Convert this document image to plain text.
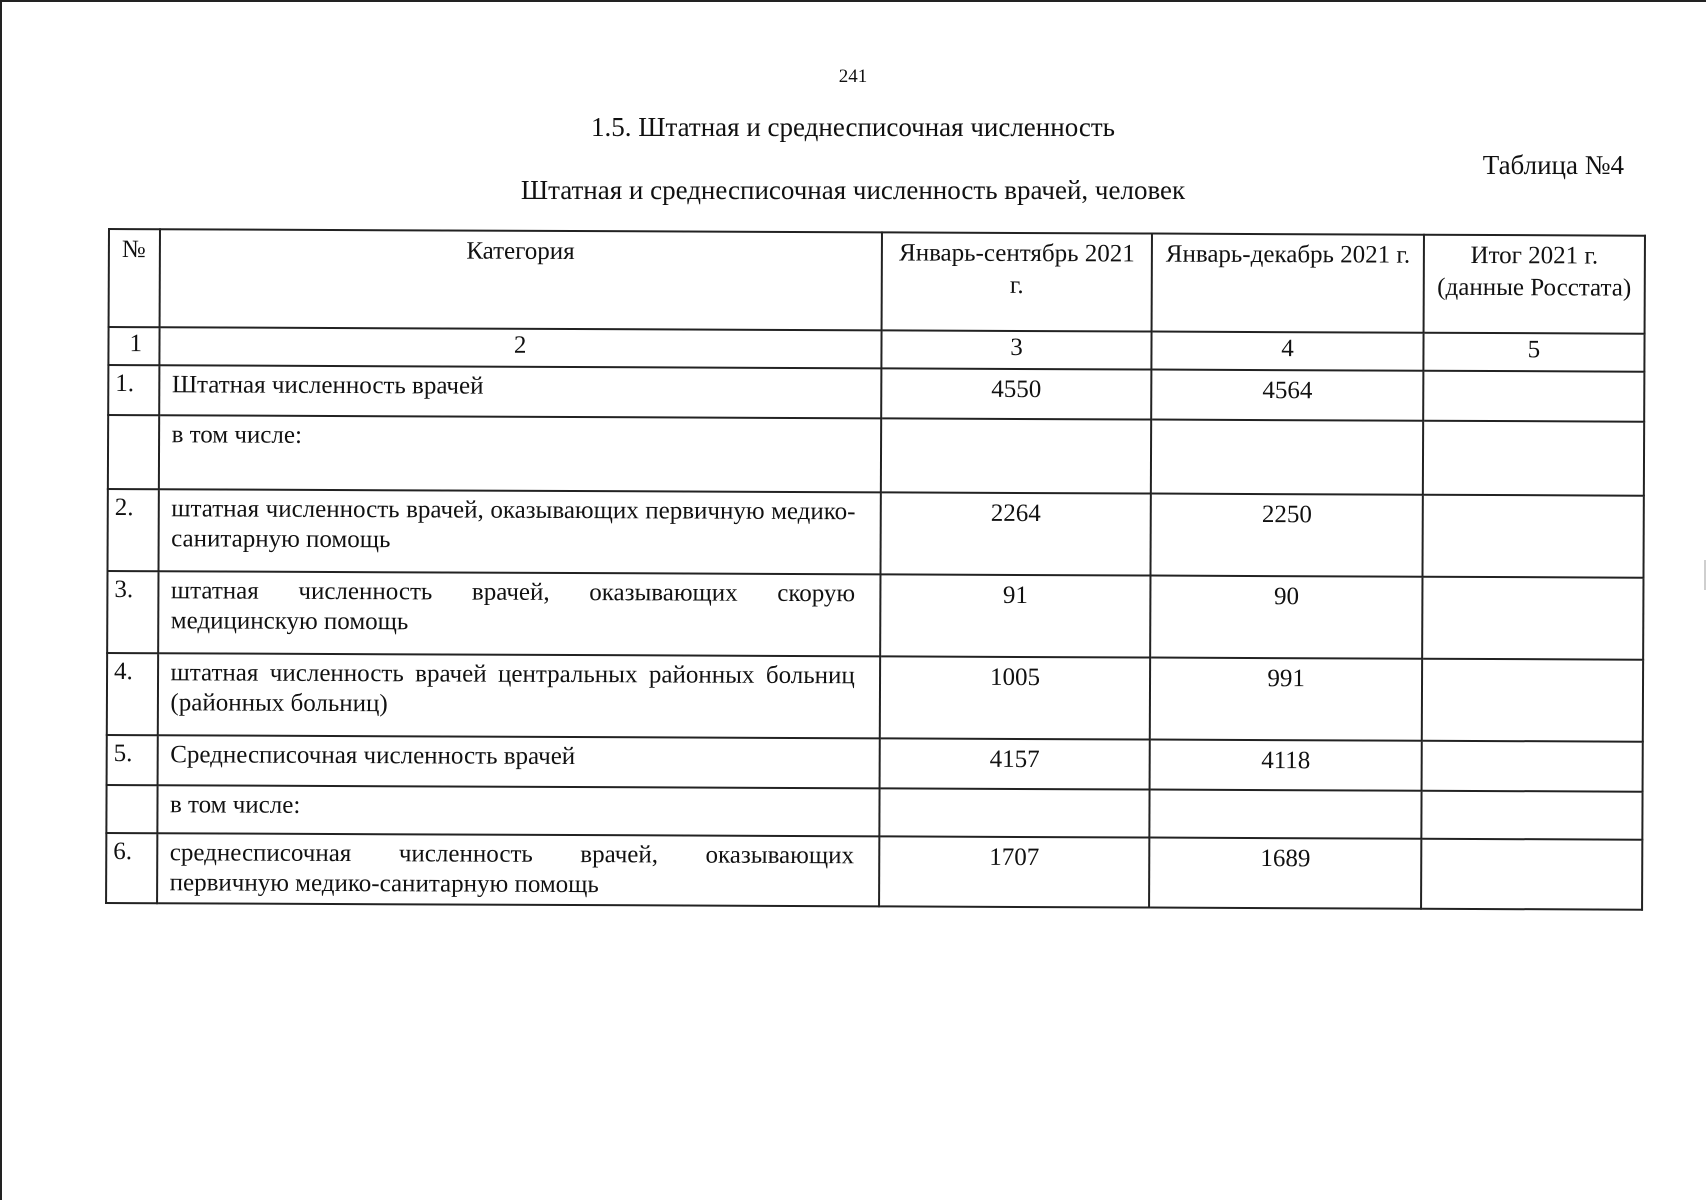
241
1.5. Штатная и среднесписочная численность
Таблица №4
Штатная и среднесписочная численность врачей, человек
№	Категория	Январь-сентябрь 2021 г.	Январь-декабрь 2021 г.	Итог 2021 г. (данные Росстата)
1	2	3	4	5
1.	Штатная численность врачей	4550	4564	
	в том числе:			
2.	штатная численность врачей, оказывающих первичную медико-санитарную помощь	2264	2250	
3.	штатная численность врачей, оказывающих скорую медицинскую помощь	91	90	
4.	штатная численность врачей центральных районных больниц (районных больниц)	1005	991	
5.	Среднесписочная численность врачей	4157	4118	
	в том числе:			
6.	среднесписочная численность врачей, оказывающих первичную медико-санитарную помощь	1707	1689	
